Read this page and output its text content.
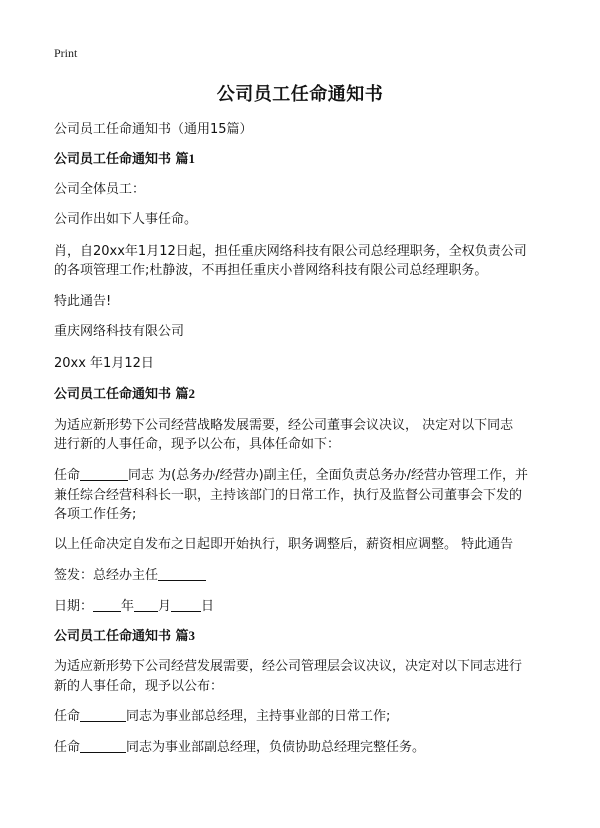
Print
公司员工任命通知书
公司员工任命通知书（通用15篇）
公司员工任命通知书 篇1
公司全体员工：
公司作出如下人事任命。
肖，自20xx年1月12日起，担任重庆网络科技有限公司总经理职务，全权负责公司
的各项管理工作;杜静波，不再担任重庆小普网络科技有限公司总经理职务。
特此通告!
重庆网络科技有限公司
20xx 年1月12日
公司员工任命通知书 篇2
为适应新形势下公司经营战略发展需要，经公司董事会议决议， 决定对以下同志
进行新的人事任命，现予以公布，具体任命如下：
任命	同志 为(总务办/经营办)副主任，全面负责总务办/经营办管理工作，并
兼任综合经营科科长一职，主持该部门的日常工作，执行及监督公司董事会下发的
各项工作任务;
以上任命决定自发布之日起即开始执行，职务调整后，薪资相应调整。 特此通告
签发：总经办主任
日期： 年 月 日
公司员工任命通知书 篇3
为适应新形势下公司经营发展需要，经公司管理层会议决议，决定对以下同志进行
新的人事任命，现予以公布：
任命	同志为事业部总经理，主持事业部的日常工作;
任命	同志为事业部副总经理，负债协助总经理完整任务。
